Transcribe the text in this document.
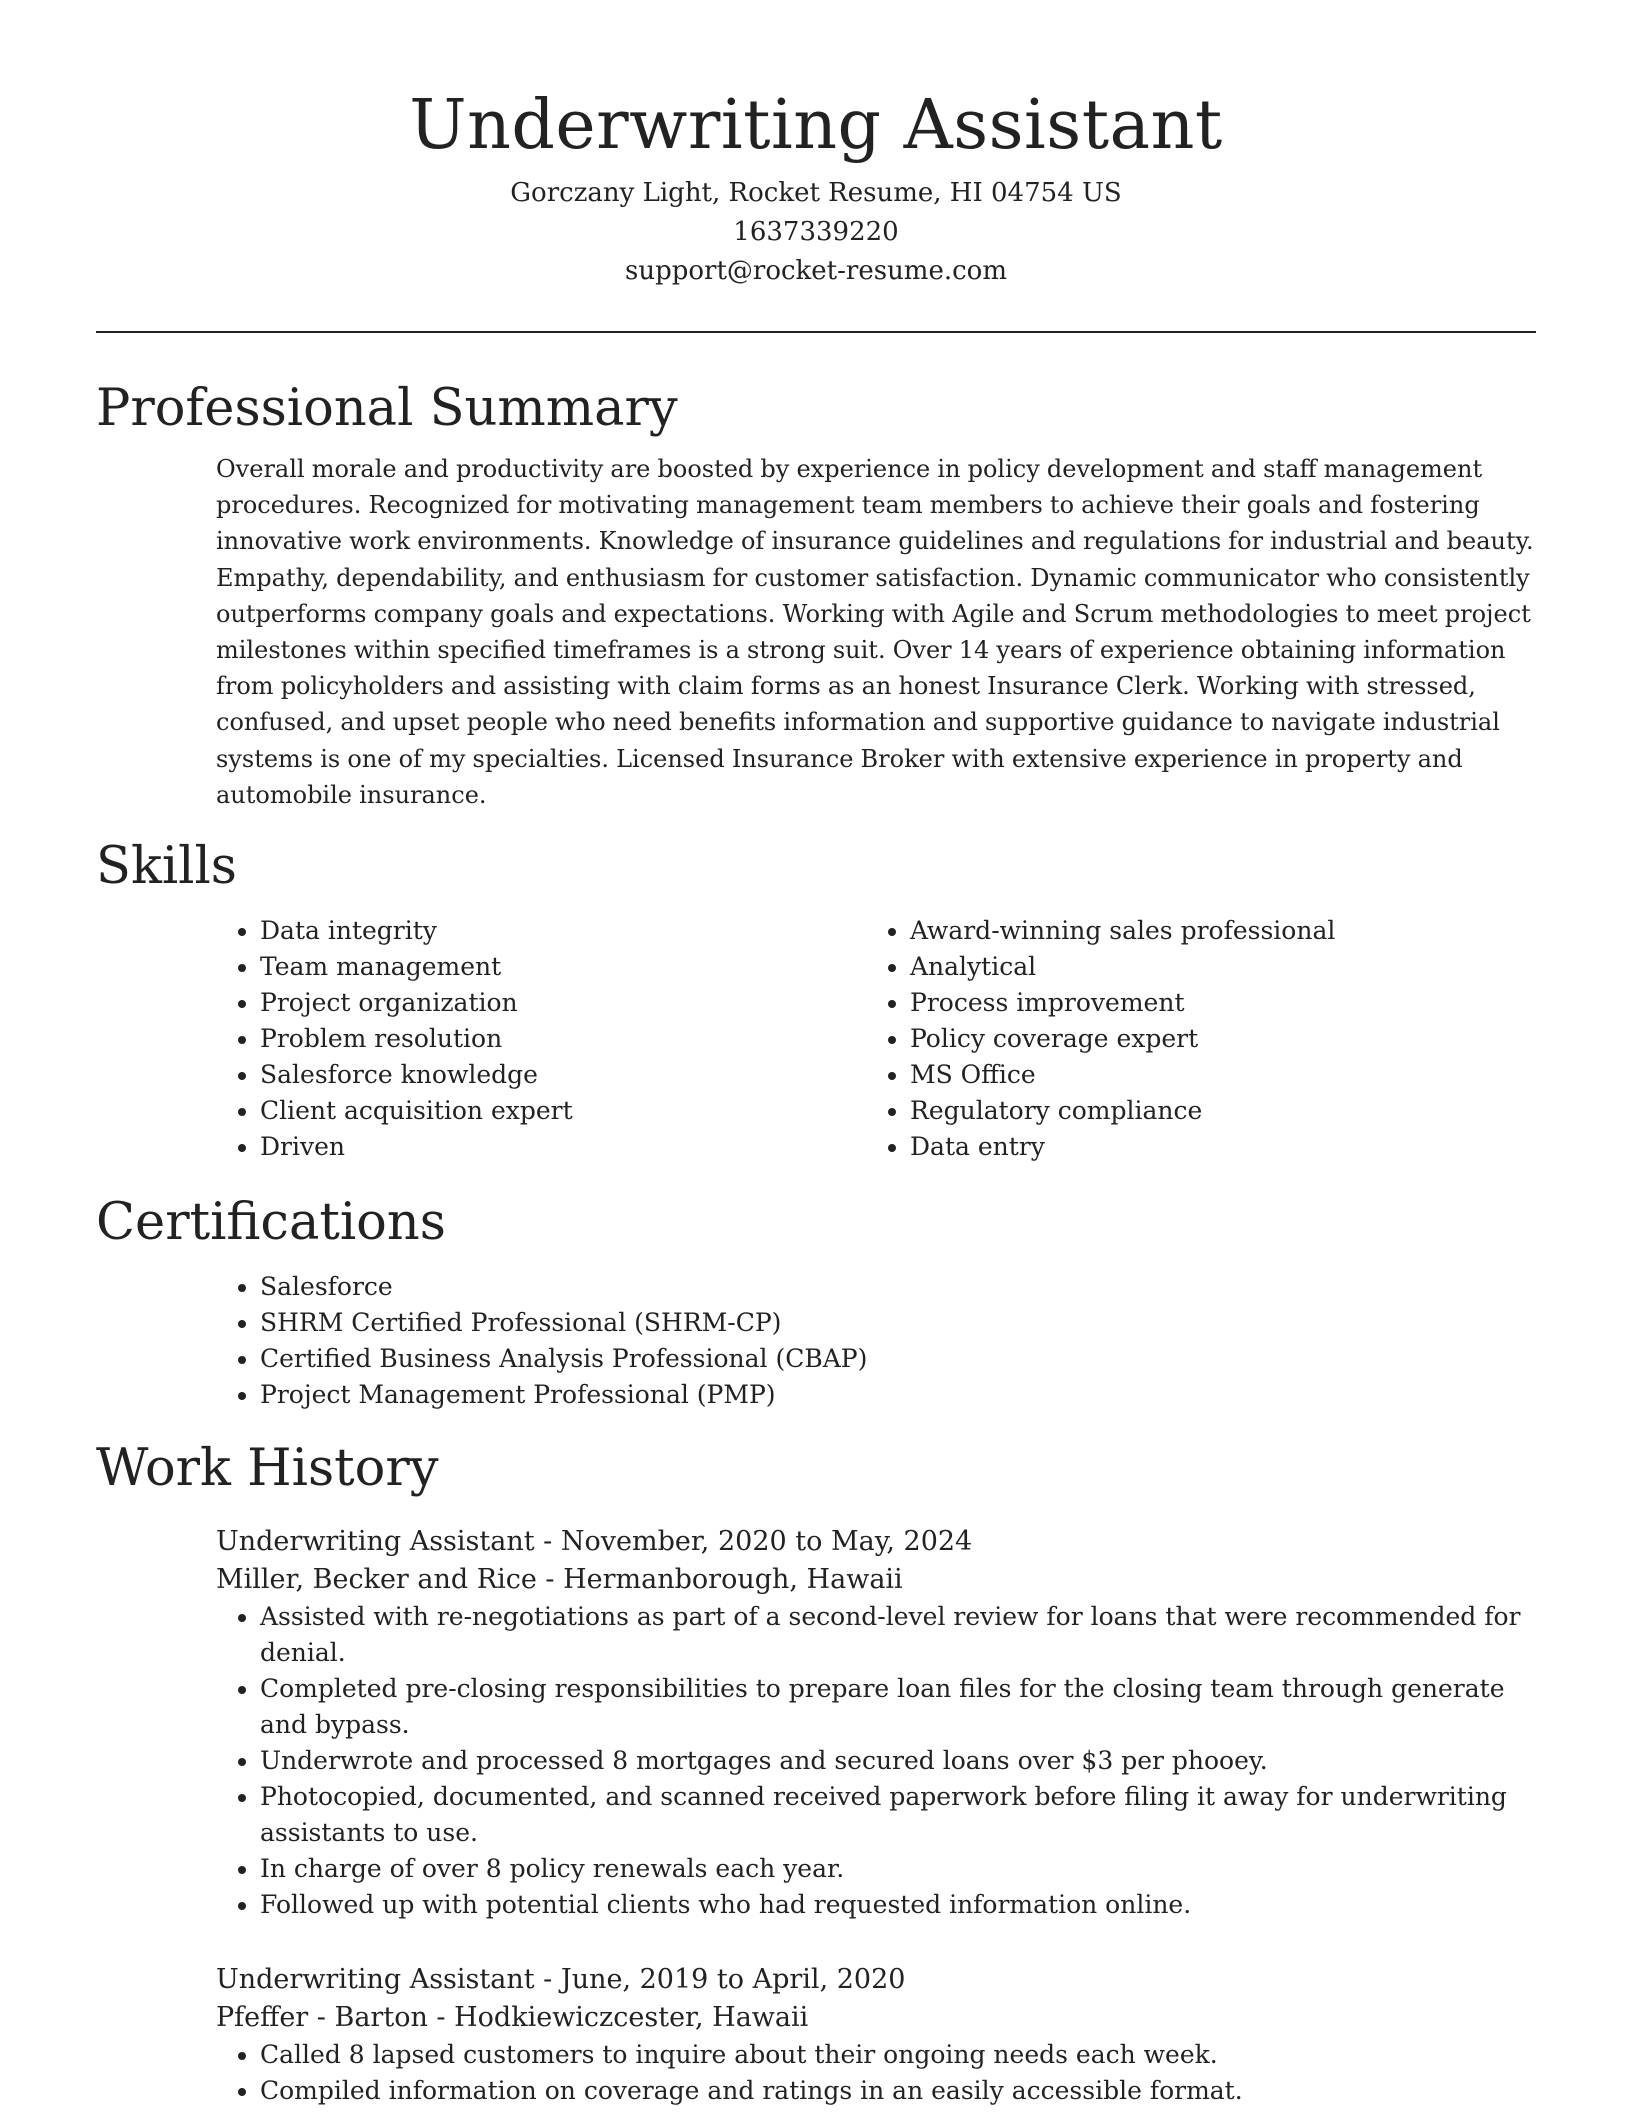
Underwriting Assistant

Gorczany Light, Rocket Resume, HI 04754 US

1637339220

support@rocket-resume.com

Professional Summary

Overall morale and productivity are boosted by experience in policy development and staff management procedures. Recognized for motivating management team members to achieve their goals and fostering innovative work environments. Knowledge of insurance guidelines and regulations for industrial and beauty. Empathy, dependability, and enthusiasm for customer satisfaction. Dynamic communicator who consistently outperforms company goals and expectations. Working with Agile and Scrum methodologies to meet project milestones within specified timeframes is a strong suit. Over 14 years of experience obtaining information from policyholders and assisting with claim forms as an honest Insurance Clerk. Working with stressed, confused, and upset people who need benefits information and supportive guidance to navigate industrial systems is one of my specialties. Licensed Insurance Broker with extensive experience in property and automobile insurance.

Skills
• Data integrity
• Team management
• Project organization
• Problem resolution
• Salesforce knowledge
• Client acquisition expert
• Driven
• Award-winning sales professional
• Analytical
• Process improvement
• Policy coverage expert
• MS Office
• Regulatory compliance
• Data entry
Certifications
• Salesforce
• SHRM Certified Professional (SHRM-CP)
• Certified Business Analysis Professional (CBAP)
• Project Management Professional (PMP)
Work History

Underwriting Assistant - November, 2020 to May, 2024

Miller, Becker and Rice - Hermanborough, Hawaii

• Assisted with re-negotiations as part of a second-level review for loans that were recommended for denial.
• Completed pre-closing responsibilities to prepare loan files for the closing team through generate and bypass.
• Underwrote and processed 8 mortgages and secured loans over $3 per phooey.
• Photocopied, documented, and scanned received paperwork before filing it away for underwriting assistants to use.
• In charge of over 8 policy renewals each year.
• Followed up with potential clients who had requested information online.

Underwriting Assistant - June, 2019 to April, 2020

Pfeffer - Barton - Hodkiewiczcester, Hawaii

• Called 8 lapsed customers to inquire about their ongoing needs each week.
• Compiled information on coverage and ratings in an easily accessible format.
